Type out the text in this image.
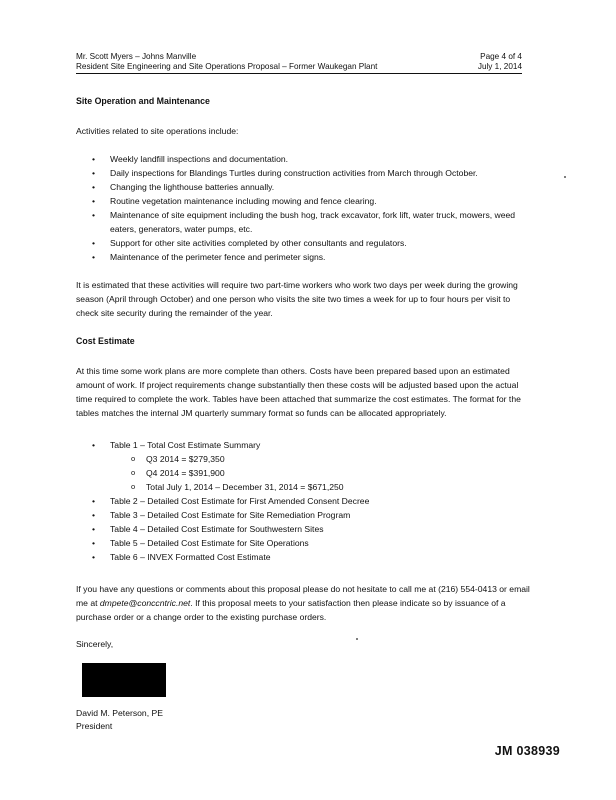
Mr. Scott Myers – Johns Manville	Page 4 of 4
Resident Site Engineering and Site Operations Proposal – Former Waukegan Plant	July 1, 2014
Site Operation and Maintenance

Activities related to site operations include:

• Weekly landfill inspections and documentation.
• Daily inspections for Blandings Turtles during construction activities from March through October.
• Changing the lighthouse batteries annually.
• Routine vegetation maintenance including mowing and fence clearing.
• Maintenance of site equipment including the bush hog, track excavator, fork lift, water truck, mowers, weed eaters, generators, water pumps, etc.
• Support for other site activities completed by other consultants and regulators.
• Maintenance of the perimeter fence and perimeter signs.

It is estimated that these activities will require two part-time workers who work two days per week during the growing season (April through October) and one person who visits the site two times a week for up to four hours per visit to check site security during the remainder of the year.

Cost Estimate

At this time some work plans are more complete than others. Costs have been prepared based upon an estimated amount of work. If project requirements change substantially then these costs will be adjusted based upon the actual time required to complete the work. Tables have been attached that summarize the cost estimates. The format for the tables matches the internal JM quarterly summary format so funds can be allocated appropriately.

• Table 1 – Total Cost Estimate Summary
o Q3 2014 = $279,350
o Q4 2014 = $391,900
o Total July 1, 2014 – December 31, 2014 = $671,250
• Table 2 – Detailed Cost Estimate for First Amended Consent Decree
• Table 3 – Detailed Cost Estimate for Site Remediation Program
• Table 4 – Detailed Cost Estimate for Southwestern Sites
• Table 5 – Detailed Cost Estimate for Site Operations
• Table 6 – INVEX Formatted Cost Estimate

If you have any questions or comments about this proposal please do not hesitate to call me at (216) 554-0413 or email me at dmpete@conccntric.net. If this proposal meets to your satisfaction then please indicate so by issuance of a purchase order or a change order to the existing purchase orders.

Sincerely,
David M. Peterson, PE
President
JM 038939
